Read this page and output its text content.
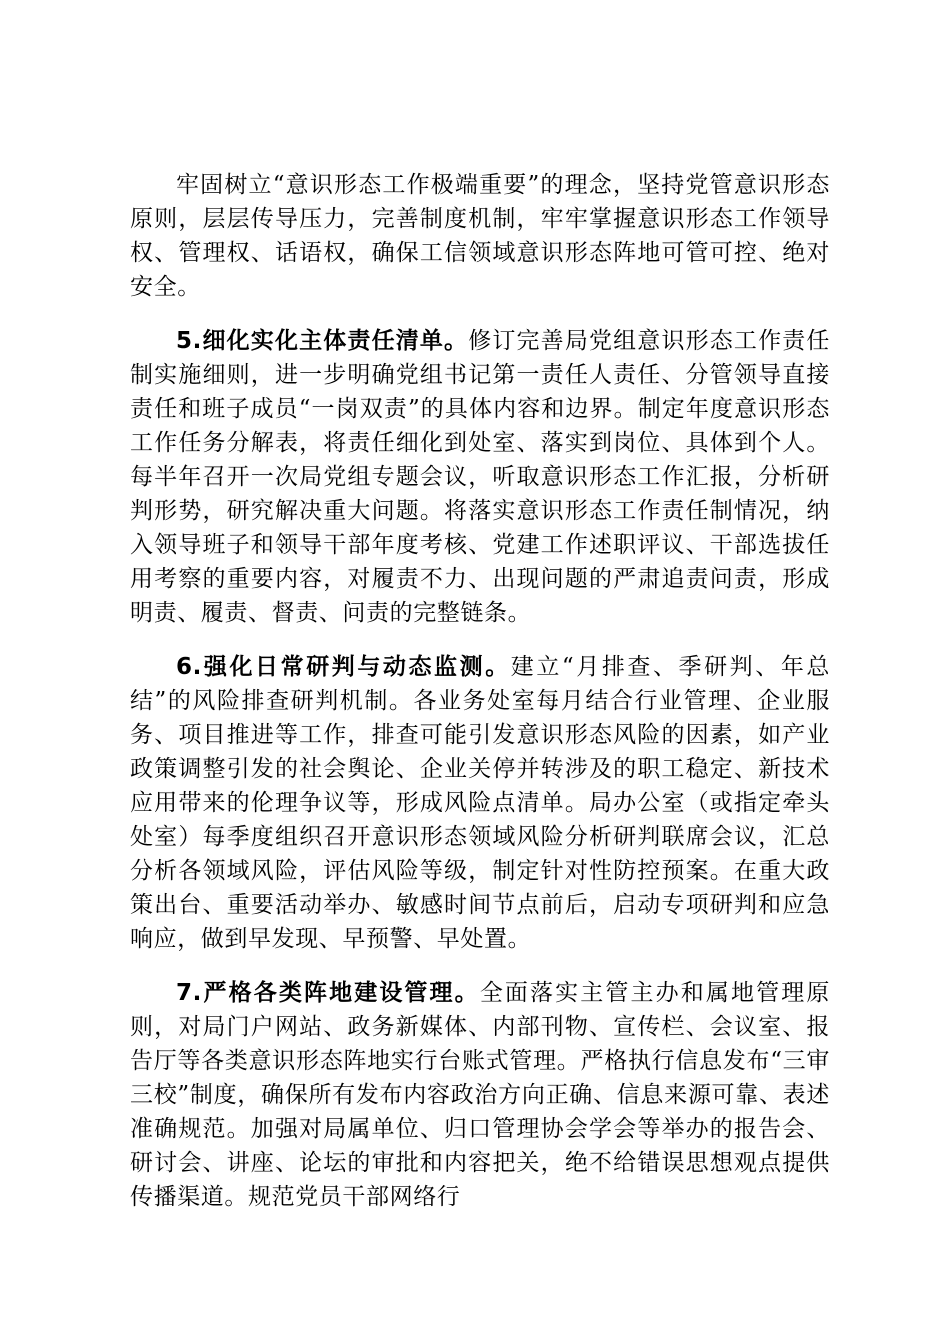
牢固树立“意识形态工作极端重要”的理念，坚持党管意识形态原则，层层传导压力，完善制度机制，牢牢掌握意识形态工作领导权、管理权、话语权，确保工信领域意识形态阵地可管可控、绝对安全。

5.细化实化主体责任清单。修订完善局党组意识形态工作责任制实施细则，进一步明确党组书记第一责任人责任、分管领导直接责任和班子成员“一岗双责”的具体内容和边界。制定年度意识形态工作任务分解表，将责任细化到处室、落实到岗位、具体到个人。每半年召开一次局党组专题会议，听取意识形态工作汇报，分析研判形势，研究解决重大问题。将落实意识形态工作责任制情况，纳入领导班子和领导干部年度考核、党建工作述职评议、干部选拔任用考察的重要内容，对履责不力、出现问题的严肃追责问责，形成明责、履责、督责、问责的完整链条。

6.强化日常研判与动态监测。建立“月排查、季研判、年总结”的风险排查研判机制。各业务处室每月结合行业管理、企业服务、项目推进等工作，排查可能引发意识形态风险的因素，如产业政策调整引发的社会舆论、企业关停并转涉及的职工稳定、新技术应用带来的伦理争议等，形成风险点清单。局办公室（或指定牵头处室）每季度组织召开意识形态领域风险分析研判联席会议，汇总分析各领域风险，评估风险等级，制定针对性防控预案。在重大政策出台、重要活动举办、敏感时间节点前后，启动专项研判和应急响应，做到早发现、早预警、早处置。

7.严格各类阵地建设管理。全面落实主管主办和属地管理原则，对局门户网站、政务新媒体、内部刊物、宣传栏、会议室、报告厅等各类意识形态阵地实行台账式管理。严格执行信息发布“三审三校”制度，确保所有发布内容政治方向正确、信息来源可靠、表述准确规范。加强对局属单位、归口管理协会学会等举办的报告会、研讨会、讲座、论坛的审批和内容把关，绝不给错误思想观点提供传播渠道。规范党员干部网络行
